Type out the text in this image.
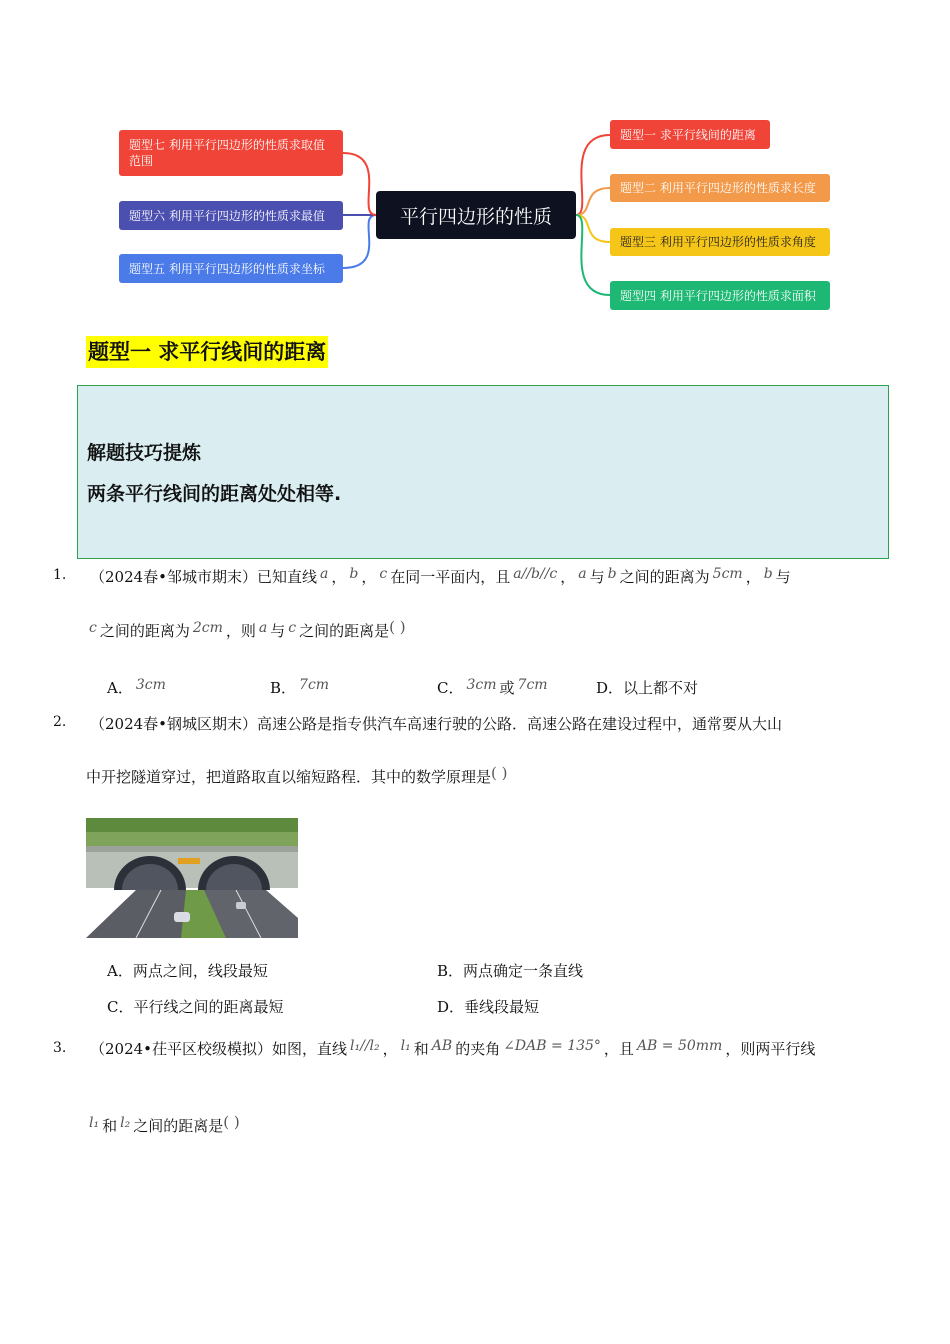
平行四边形的性质
题型一 求平行线间的距离
题型二 利用平行四边形的性质求长度
题型三 利用平行四边形的性质求角度
题型四 利用平行四边形的性质求面积
题型五 利用平行四边形的性质求坐标
题型六 利用平行四边形的性质求最值
题型七 利用平行四边形的性质求取值范围
题型一 求平行线间的距离
解题技巧提炼
两条平行线间的距离处处相等.
1. （2024春•邹城市期末）已知直线 a ， b ， c 在同一平面内，且 a//b//c ， a 与 b 之间的距离为 5cm ， b 与
c 之间的距离为 2cm ，则 a 与 c 之间的距离是( )
A． 3cm	B． 7cm	C． 3cm 或 7cm	D．以上都不对
2. （2024春•钢城区期末）高速公路是指专供汽车高速行驶的公路．高速公路在建设过程中，通常要从大山
中开挖隧道穿过，把道路取直以缩短路程．其中的数学原理是( )
A．两点之间，线段最短	B．两点确定一条直线
C．平行线之间的距离最短	D．垂线段最短
3. （2024•茌平区校级模拟）如图，直线 l₁//l₂ ， l₁ 和 AB 的夹角 ∠DAB = 135° ，且 AB = 50mm ，则两平行线
l₁ 和 l₂ 之间的距离是( )
